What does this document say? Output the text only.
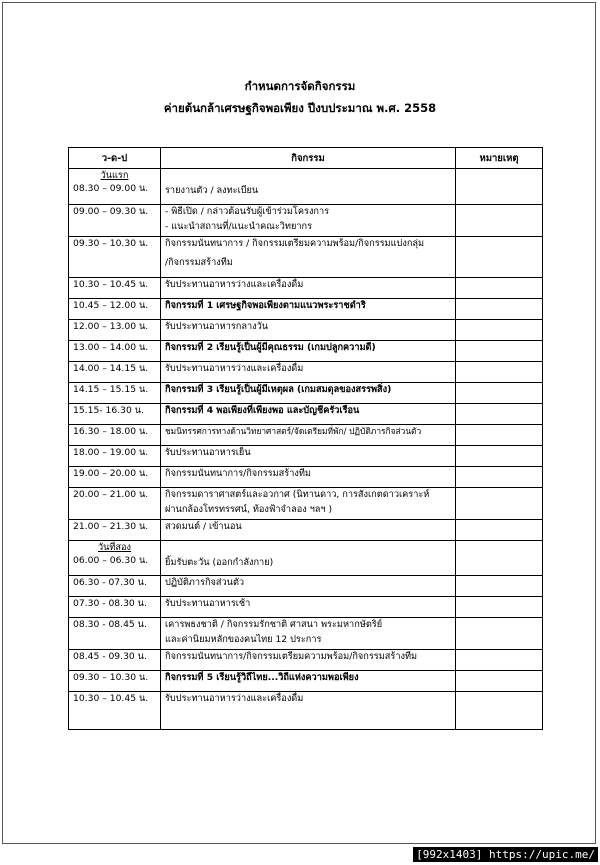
กำหนดการจัดกิจกรรม
ค่ายต้นกล้าเศรษฐกิจพอเพียง ปีงบประมาณ พ.ศ. 2558
ว-ด-ป	กิจกรรม	หมายเหตุ
วันแรก
08.30 – 09.00 น.	รายงานตัว / ลงทะเบียน	

09.00 – 09.30 น.	- พิธีเปิด / กล่าวต้อนรับผู้เข้าร่วมโครงการ
- แนะนำสถานที่/แนะนำคณะวิทยากร	

09.30 – 10.30 น.	กิจกรรมนันทนาการ / กิจกรรมเตรียมความพร้อม/กิจกรรมแบ่งกลุ่ม
/กิจกรรมสร้างทีม	

10.30 – 10.45 น.	รับประทานอาหารว่างและเครื่องดื่ม	

10.45 – 12.00 น.	กิจกรรมที่ 1 เศรษฐกิจพอเพียงตามแนวพระราชดำริ	

12.00 – 13.00 น.	รับประทานอาหารกลางวัน	

13.00 – 14.00 น.	กิจกรรมที่ 2 เรียนรู้เป็นผู้มีคุณธรรม (เกมปลูกความดี)	

14.00 – 14.15 น.	รับประทานอาหารว่างและเครื่องดื่ม	

14.15 – 15.15 น.	กิจกรรมที่ 3 เรียนรู้เป็นผู้มีเหตุผล (เกมสมดุลของสรรพสิ่ง)	

15.15- 16.30 น.	กิจกรรมที่ 4 พอเพียงที่เพียงพอ และบัญชีครัวเรือน	

16.30 – 18.00 น.	ชมนิทรรศการทางด้านวิทยาศาสตร์/จัดเตรียมที่พัก/ ปฏิบัติภารกิจส่วนตัว	

18.00 – 19.00 น.	รับประทานอาหารเย็น	

19.00 – 20.00 น.	กิจกรรมนันทนาการ/กิจกรรมสร้างทีม	

20.00 – 21.00 น.	กิจกรรมดาราศาสตร์และอวกาศ (นิทานดาว, การสังเกตดาวเคราะห์
ผ่านกล้องโทรทรรศน์, ท้องฟ้าจำลอง ฯลฯ )	

21.00 – 21.30 น.	สวดมนต์ / เข้านอน	

วันที่สอง
06.00 – 06.30 น.	ยิ้มรับตะวัน (ออกกำลังกาย)	

06.30 - 07.30 น.	ปฏิบัติภารกิจส่วนตัว	

07.30 - 08.30 น.	รับประทานอาหารเช้า	

08.30 - 08.45 น.	เคารพธงชาติ / กิจกรรมรักชาติ ศาสนา พระมหากษัตริย์
และค่านิยมหลักของคนไทย 12 ประการ	

08.45 - 09.30 น.	กิจกรรมนันทนาการ/กิจกรรมเตรียมความพร้อม/กิจกรรมสร้างทีม	

09.30 – 10.30 น.	กิจกรรมที่ 5 เรียนรู้วิถีไทย...วิถีแห่งความพอเพียง	

10.30 – 10.45 น.	รับประทานอาหารว่างและเครื่องดื่ม	

[992x1403] https://upic.me/
